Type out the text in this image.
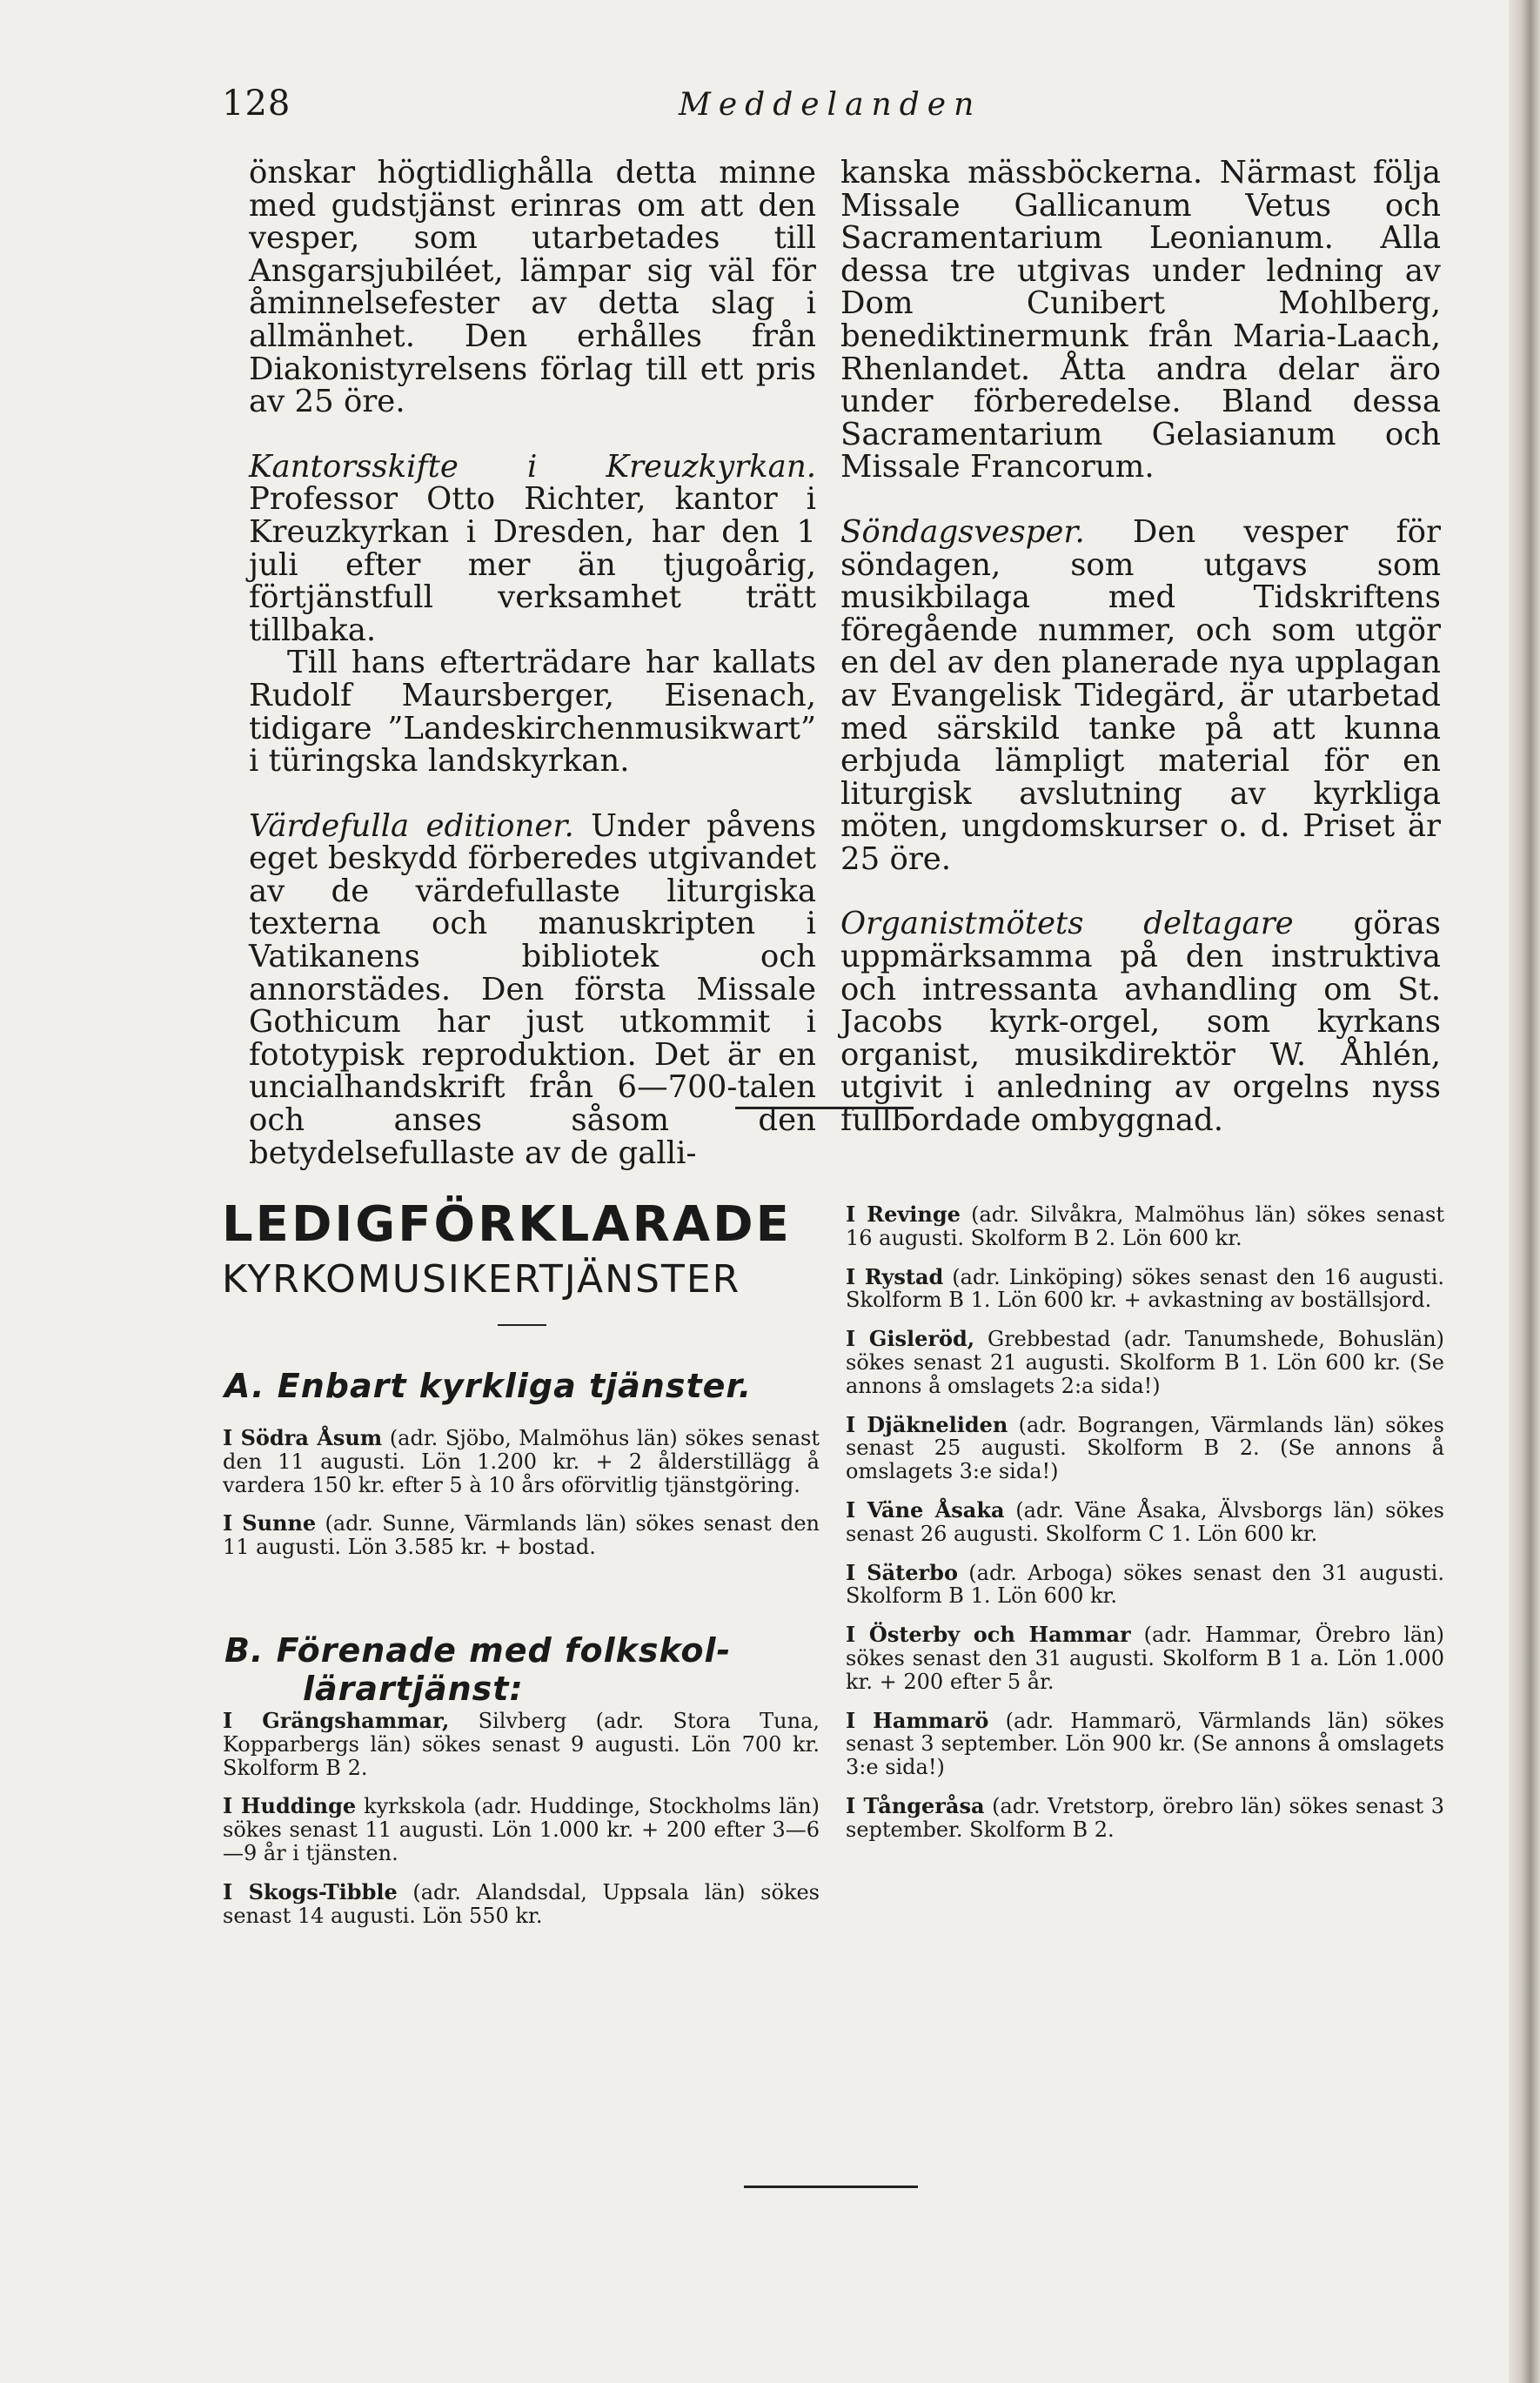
128	Meddelanden

önskar högtidlighålla detta minne med gudstjänst erinras om att den vesper, som utarbetades till Ansgarsjubiléet, lämpar sig väl för åminnelsefester av detta slag i allmänhet. Den erhålles från Diakonistyrelsens förlag till ett pris av 25 öre.

Kantorsskifte i Kreuzkyrkan. Professor Otto Richter, kantor i Kreuzkyrkan i Dresden, har den 1 juli efter mer än tjugoårig, förtjänstfull verksamhet trätt tillbaka.

Till hans efterträdare har kallats Rudolf Maursberger, Eisenach, tidigare ”Landeskirchenmusikwart” i türingska landskyrkan.

Värdefulla editioner. Under påvens eget beskydd förberedes utgivandet av de värdefullaste liturgiska texterna och manuskripten i Vatikanens bibliotek och annorstädes. Den första Missale Gothicum har just utkommit i fototypisk reproduktion. Det är en uncialhandskrift från 6—700-talen och anses såsom den betydelsefullaste av de galli-

kanska mässböckerna. Närmast följa Missale Gallicanum Vetus och Sacramentarium Leonianum. Alla dessa tre utgivas under ledning av Dom Cunibert Mohlberg, benediktinermunk från Maria-Laach, Rhenlandet. Åtta andra delar äro under förberedelse. Bland dessa Sacramentarium Gelasianum och Missale Francorum.

Söndagsvesper. Den vesper för söndagen, som utgavs som musikbilaga med Tidskriftens föregående nummer, och som utgör en del av den planerade nya upplagan av Evangelisk Tidegärd, är utarbetad med särskild tanke på att kunna erbjuda lämpligt material för en liturgisk avslutning av kyrkliga möten, ungdomskurser o. d. Priset är 25 öre.

Organistmötets deltagare göras uppmärksamma på den instruktiva och intressanta avhandling om St. Jacobs kyrk-orgel, som kyrkans organist, musikdirektör W. Åhlén, utgivit i anledning av orgelns nyss fullbordade ombyggnad.

LEDIGFÖRKLARADE
KYRKOMUSIKERTJÄNSTER
A. Enbart kyrkliga tjänster.

I Södra Åsum (adr. Sjöbo, Malmöhus län) sökes senast den 11 augusti. Lön 1.200 kr. + 2 ålderstillägg å vardera 150 kr. efter 5 à 10 års oförvitlig tjänstgöring.

I Sunne (adr. Sunne, Värmlands län) sökes senast den 11 augusti. Lön 3.585 kr. + bostad.

B. Förenade med folkskol-
lärartjänst:

I Grängshammar, Silvberg (adr. Stora Tuna, Kopparbergs län) sökes senast 9 augusti. Lön 700 kr. Skolform B 2.

I Huddinge kyrkskola (adr. Huddinge, Stockholms län) sökes senast 11 augusti. Lön 1.000 kr. + 200 efter 3—6—9 år i tjänsten.

I Skogs-Tibble (adr. Alandsdal, Uppsala län) sökes senast 14 augusti. Lön 550 kr.

I Revinge (adr. Silvåkra, Malmöhus län) sökes senast 16 augusti. Skolform B 2. Lön 600 kr.

I Rystad (adr. Linköping) sökes senast den 16 augusti. Skolform B 1. Lön 600 kr. + avkastning av boställsjord.

I Gisleröd, Grebbestad (adr. Tanumshede, Bohuslän) sökes senast 21 augusti. Skolform B 1. Lön 600 kr. (Se annons å omslagets 2:a sida!)

I Djäkneliden (adr. Bograngen, Värmlands län) sökes senast 25 augusti. Skolform B 2. (Se annons å omslagets 3:e sida!)

I Väne Åsaka (adr. Väne Åsaka, Älvsborgs län) sökes senast 26 augusti. Skolform C 1. Lön 600 kr.

I Säterbo (adr. Arboga) sökes senast den 31 augusti. Skolform B 1. Lön 600 kr.

I Österby och Hammar (adr. Hammar, Örebro län) sökes senast den 31 augusti. Skolform B 1 a. Lön 1.000 kr. + 200 efter 5 år.

I Hammarö (adr. Hammarö, Värmlands län) sökes senast 3 september. Lön 900 kr. (Se annons å omslagets 3:e sida!)

I Tångeråsa (adr. Vretstorp, örebro län) sökes senast 3 september. Skolform B 2.
